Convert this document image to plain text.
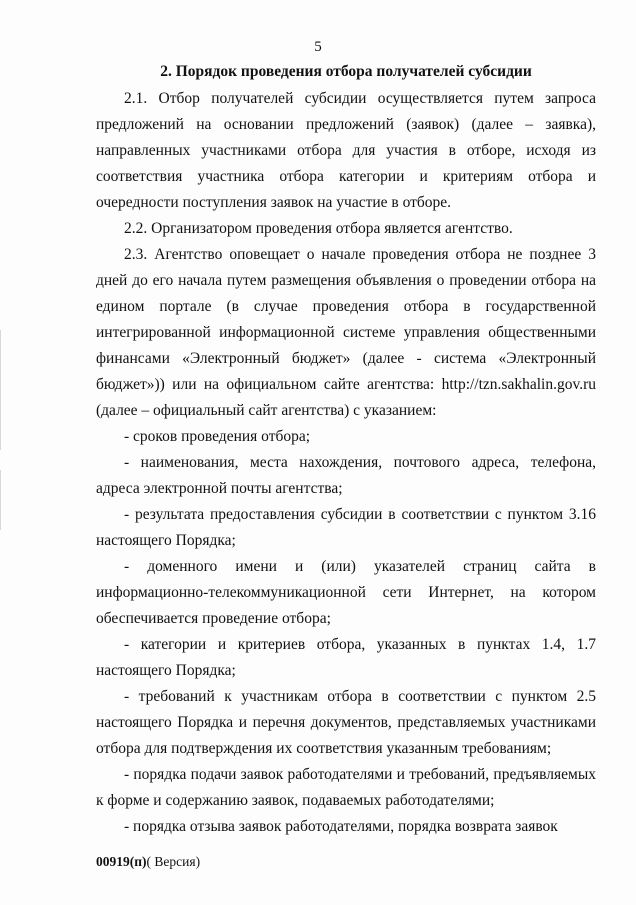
5
2. Порядок проведения отбора получателей субсидии

2.1. Отбор получателей субсидии осуществляется путем запроса предложений на основании предложений (заявок) (далее – заявка), направленных участниками отбора для участия в отборе, исходя из соответствия участника отбора категории и критериям отбора и очередности поступления заявок на участие в отборе.

2.2. Организатором проведения отбора является агентство.

2.3. Агентство оповещает о начале проведения отбора не позднее 3 дней до его начала путем размещения объявления о проведении отбора на едином портале (в случае проведения отбора в государственной интегрированной информационной системе управления общественными финансами «Электронный бюджет» (далее - система «Электронный бюджет»)) или на официальном сайте агентства: http://tzn.sakhalin.gov.ru (далее – официальный сайт агентства) с указанием:

- сроков проведения отбора;

- наименования, места нахождения, почтового адреса, телефона, адреса электронной почты агентства;

- результата предоставления субсидии в соответствии с пунктом 3.16 настоящего Порядка;

- доменного имени и (или) указателей страниц сайта в информационно-телекоммуникационной сети Интернет, на котором обеспечивается проведение отбора;

- категории и критериев отбора, указанных в пунктах 1.4, 1.7 настоящего Порядка;

- требований к участникам отбора в соответствии с пунктом 2.5 настоящего Порядка и перечня документов, представляемых участниками отбора для подтверждения их соответствия указанным требованиям;

- порядка подачи заявок работодателями и требований, предъявляемых к форме и содержанию заявок, подаваемых работодателями;

- порядка отзыва заявок работодателями, порядка возврата заявок

00919(п)( Версия)
